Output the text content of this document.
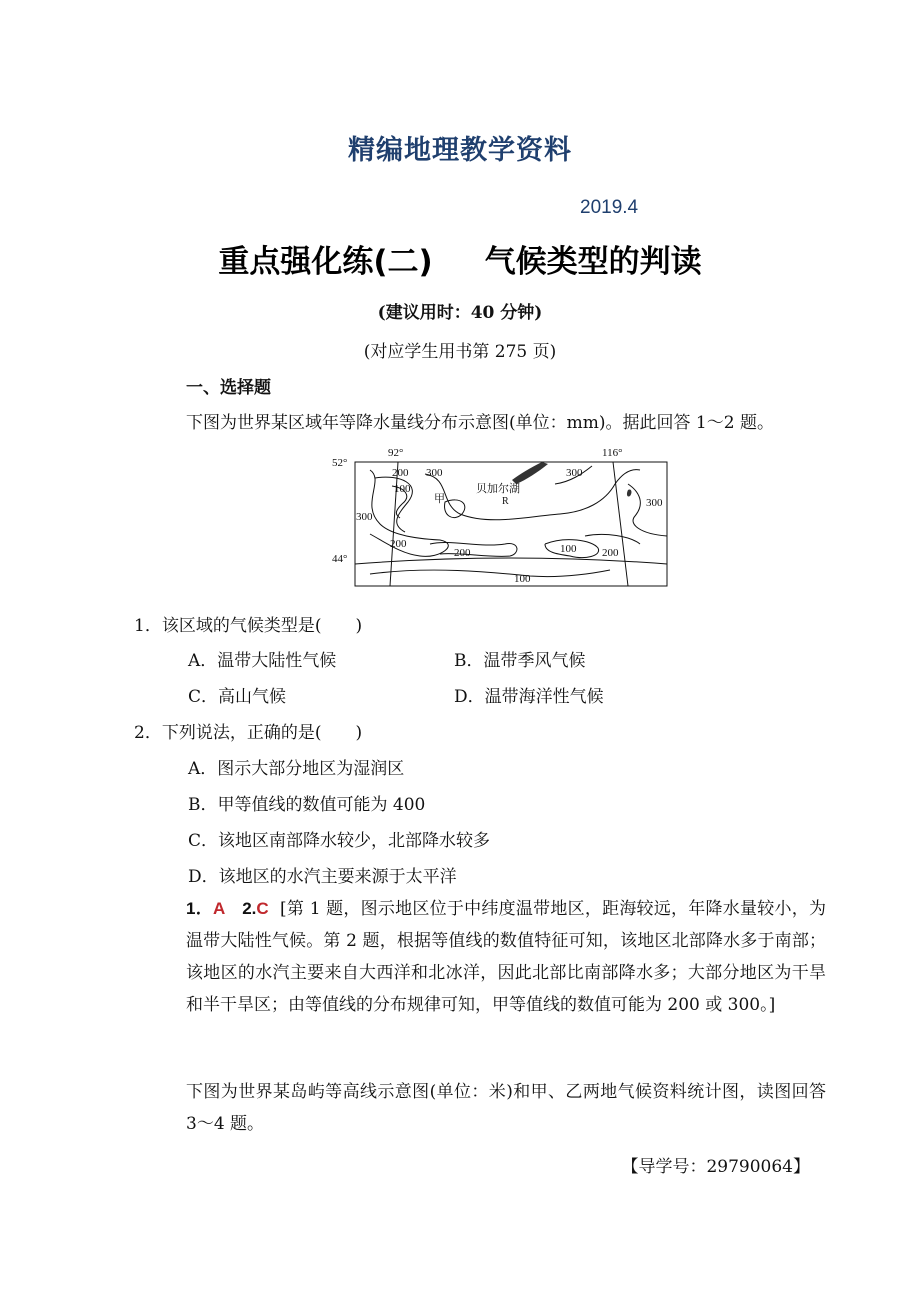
精编地理教学资料
2019.4
重点强化练(二) 气候类型的判读
(建议用时：40 分钟)
(对应学生用书第 275 页)
一、选择题
下图为世界某区域年等降水量线分布示意图(单位：mm)。据此回答 1～2 题。
92°	116°
52°
44°
200 300
100
300
300
300
200
200	100 200
100
甲
贝加尔湖
R
1．该区域的气候类型是(　　)
A．温带大陆性气候	B．温带季风气候
C．高山气候	D．温带海洋性气候
2．下列说法，正确的是(　　)
A．图示大部分地区为湿润区
B．甲等值线的数值可能为 400
C．该地区南部降水较少，北部降水较多
D．该地区的水汽主要来源于太平洋
1．A 2.C [第 1 题，图示地区位于中纬度温带地区，距海较远，年降水量较小，为温带大陆性气候。第 2 题，根据等值线的数值特征可知，该地区北部降水多于南部；该地区的水汽主要来自大西洋和北冰洋，因此北部比南部降水多；大部分地区为干旱和半干旱区；由等值线的分布规律可知，甲等值线的数值可能为 200 或 300。]
下图为世界某岛屿等高线示意图(单位：米)和甲、乙两地气候资料统计图，读图回答 3～4 题。
【导学号：29790064】
